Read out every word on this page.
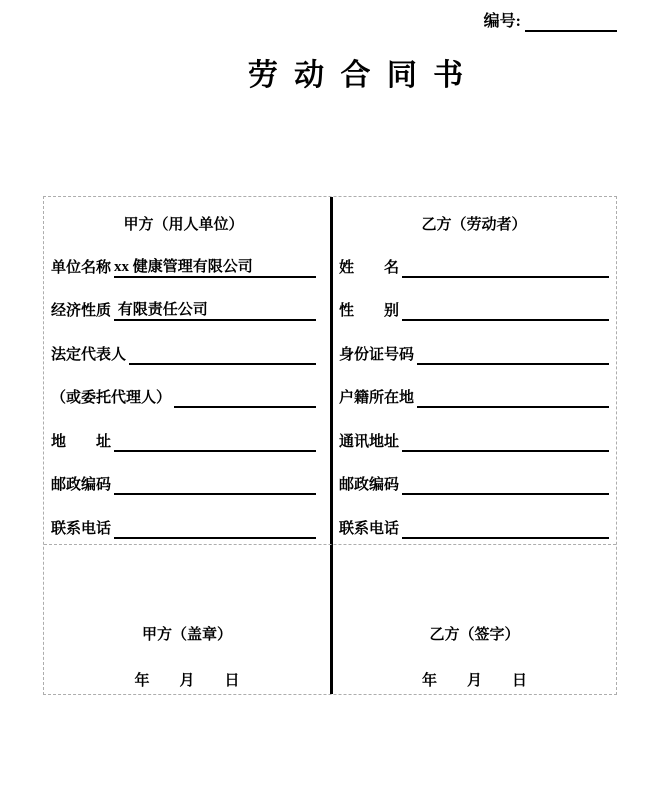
编号:
劳 动 合 同 书
甲方（用人单位）
单位名称 xx 健康管理有限公司
经济性质 有限责任公司
法定代表人
（或委托代理人）
地　　址
邮政编码
联系电话
乙方（劳动者）
姓　　名
性　　别
身份证号码
户籍所在地
通讯地址
邮政编码
联系电话
甲方（盖章）
年　　月　　日
乙方（签字）
年　　月　　日
